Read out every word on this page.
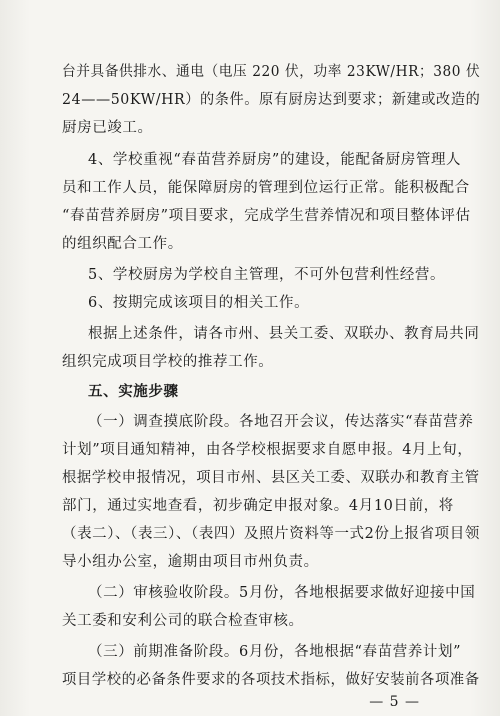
台并具备供排水、通电（电压 220 伏，功率 23KW/HR；380 伏
24——50KW/HR）的条件。原有厨房达到要求；新建或改造的
厨房已竣工。
4、学校重视“春苗营养厨房”的建设，能配备厨房管理人
员和工作人员，能保障厨房的管理到位运行正常。能积极配合
“春苗营养厨房”项目要求，完成学生营养情况和项目整体评估
的组织配合工作。
5、学校厨房为学校自主管理，不可外包营利性经营。
6、按期完成该项目的相关工作。
根据上述条件，请各市州、县关工委、双联办、教育局共同
组织完成项目学校的推荐工作。
五、实施步骤
（一）调查摸底阶段。各地召开会议，传达落实“春苗营养
计划”项目通知精神，由各学校根据要求自愿申报。4月上旬，
根据学校申报情况，项目市州、县区关工委、双联办和教育主管
部门，通过实地查看，初步确定申报对象。4月10日前，将
（表二）、（表三）、（表四）及照片资料等一式2份上报省项目领
导小组办公室，逾期由项目市州负责。
（二）审核验收阶段。5月份，各地根据要求做好迎接中国
关工委和安利公司的联合检查审核。
（三）前期准备阶段。6月份，各地根据“春苗营养计划”
项目学校的必备条件要求的各项技术指标，做好安装前各项准备
— 5 —
